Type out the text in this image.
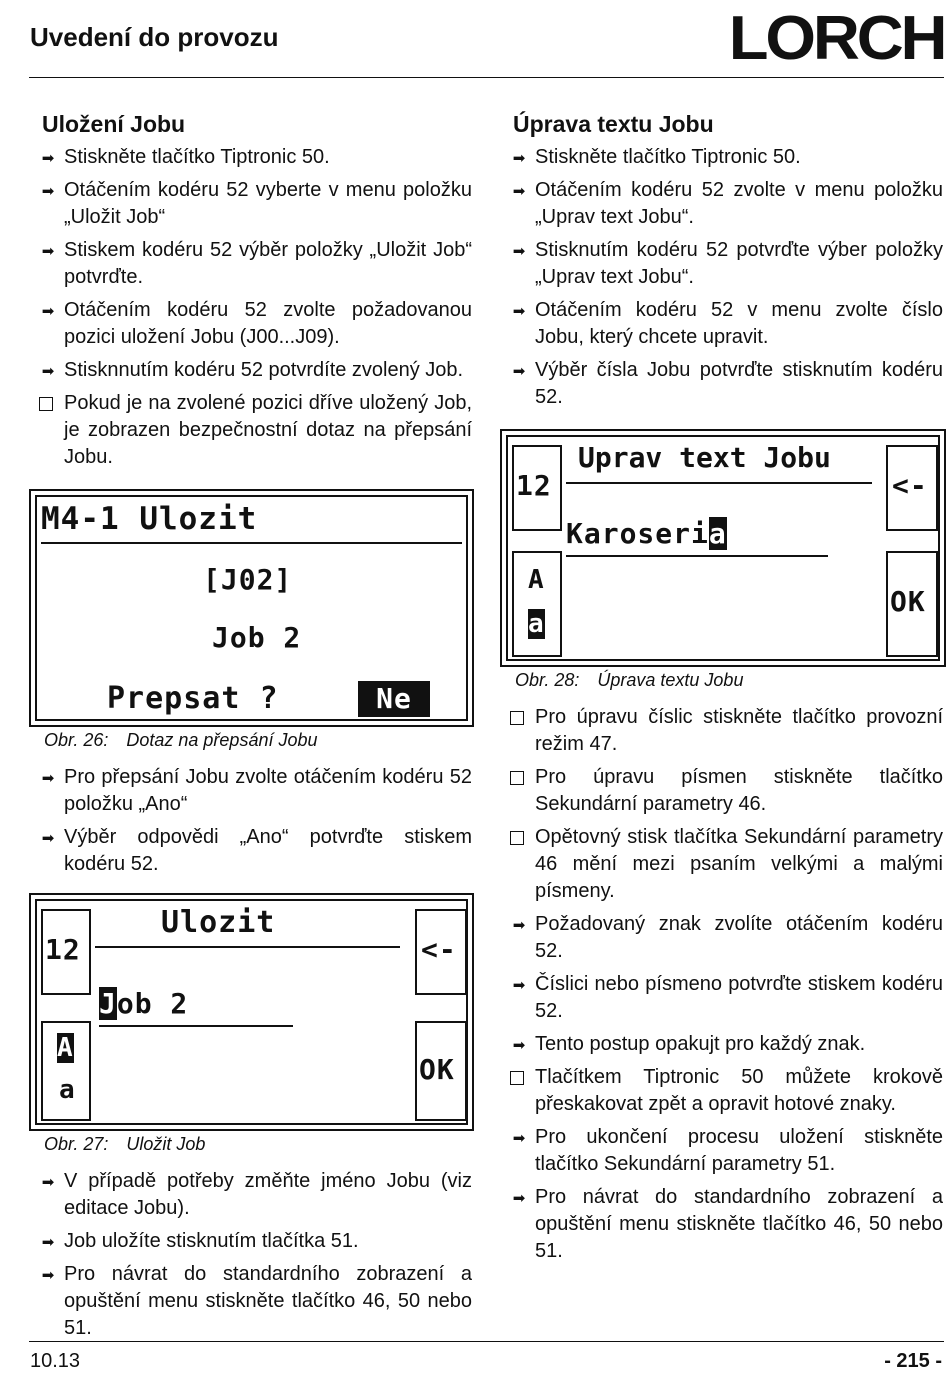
Uvedení do provozu	LORCH
Uložení Jobu
➡
Stiskněte tlačítko Tiptronic 50.
➡
Otáčením kodéru 52 vyberte v menu položku „Uložit Job“
➡
Stiskem kodéru 52 výběr položky „Uložit Job“ potvrďte.
➡
Otáčením kodéru 52 zvolte požadovanou pozici uložení Jobu (J00...J09).
➡
Stisknnutím kodéru 52 potvrdíte zvolený Job.
Pokud je na zvolené pozici dříve uložený Job, je zobrazen bezpečnostní dotaz na přepsání Jobu.
M4-1 Ulozit
[J02]
Job 2
Prepsat ?	Ne
Obr. 26: Dotaz na přepsání Jobu
➡
Pro přepsání Jobu zvolte otáčením kodéru 52 položku „Ano“
➡
Výběr odpovědi „Ano“ potvrďte stiskem kodéru 52.
12
Ulozit
<-
Job 2
A
a
OK
Obr. 27: Uložit Job
➡
V případě potřeby změňte jméno Jobu (viz editace Jobu).
➡
Job uložíte stisknutím tlačítka 51.
➡
Pro návrat do standardního zobrazení a opuštění menu stiskněte tlačítko 46, 50 nebo 51.
Úprava textu Jobu
➡
Stiskněte tlačítko Tiptronic 50.
➡
Otáčením kodéru 52 zvolte v menu položku „Uprav text Jobu“.
➡
Stisknutím kodéru 52 potvrďte výber položky „Uprav text Jobu“.
➡
Otáčením kodéru 52 v menu zvolte číslo Jobu, který chcete upravit.
➡
Výběr čísla Jobu potvrďte stisknutím kodéru 52.
12
Uprav text Jobu
<-
Karoseria
A
a
OK
Obr. 28: Úprava textu Jobu
Pro úpravu číslic stiskněte tlačítko provozní režim 47.
Pro úpravu písmen stiskněte tlačítko Sekundární parametry 46.
Opětovný stisk tlačítka Sekundární parametry 46 mění mezi psaním velkými a malými písmeny.
➡
Požadovaný znak zvolíte otáčením kodéru 52.
➡
Číslici nebo písmeno potvrďte stiskem kodéru 52.
➡
Tento postup opakujt pro každý znak.
Tlačítkem Tiptronic 50 můžete krokově přeskakovat zpět a opravit hotové znaky.
➡
Pro ukončení procesu uložení stiskněte tlačítko Sekundární parametry 51.
➡
Pro návrat do standardního zobrazení a opuštění menu stiskněte tlačítko 46, 50 nebo 51.
10.13	- 215 -
